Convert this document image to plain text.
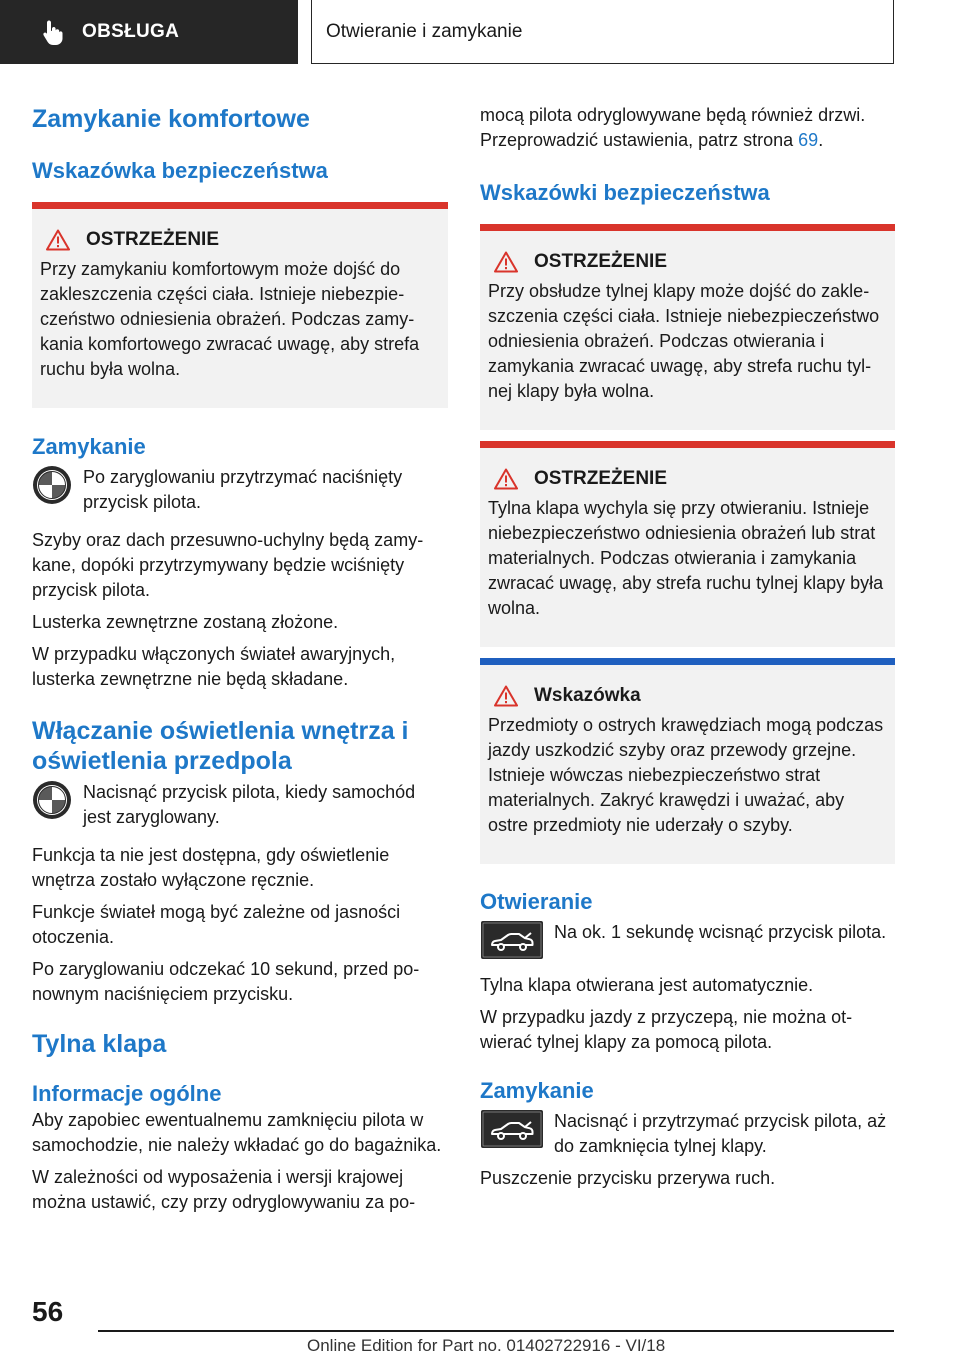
OBSŁUGA	Otwieranie i zamykanie
Zamykanie komfortowe
Wskazówka bezpieczeństwa
OSTRZEŻENIE

Przy zamykaniu komfortowym może dojść do zakleszczenia części ciała. Istnieje niebezpieczeństwo odniesienia obrażeń. Podczas zamykania komfortowego zwracać uwagę, aby strefa ruchu była wolna.

Zamykanie

Po zaryglowaniu przytrzymać naciśnięty przycisk pilota.

Szyby oraz dach przesuwno-uchylny będą zamykane, dopóki przytrzymywany będzie wciśnięty przycisk pilota.

Lusterka zewnętrzne zostaną złożone.

W przypadku włączonych świateł awaryjnych, lusterka zewnętrzne nie będą składane.

Włączanie oświetlenia wnętrza i oświetlenia przedpola

Nacisnąć przycisk pilota, kiedy samochód jest zaryglowany.

Funkcja ta nie jest dostępna, gdy oświetlenie wnętrza zostało wyłączone ręcznie.

Funkcje świateł mogą być zależne od jasności otoczenia.

Po zaryglowaniu odczekać 10 sekund, przed ponownym naciśnięciem przycisku.

Tylna klapa
Informacje ogólne

Aby zapobiec ewentualnemu zamknięciu pilota w samochodzie, nie należy wkładać go do bagażnika.

W zależności od wyposażenia i wersji krajowej można ustawić, czy przy odryglowywaniu za po-

mocą pilota odryglowywane będą również drzwi. Przeprowadzić ustawienia, patrz strona 69.

Wskazówki bezpieczeństwa
OSTRZEŻENIE

Przy obsłudze tylnej klapy może dojść do zakleszczenia części ciała. Istnieje niebezpieczeństwo odniesienia obrażeń. Podczas otwierania i zamykania zwracać uwagę, aby strefa ruchu tylnej klapy była wolna.

OSTRZEŻENIE

Tylna klapa wychyla się przy otwieraniu. Istnieje niebezpieczeństwo odniesienia obrażeń lub strat materialnych. Podczas otwierania i zamykania zwracać uwagę, aby strefa ruchu tylnej klapy była wolna.

Wskazówka

Przedmioty o ostrych krawędziach mogą podczas jazdy uszkodzić szyby oraz przewody grzejne. Istnieje wówczas niebezpieczeństwo strat materialnych. Zakryć krawędzi i uważać, aby ostre przedmioty nie uderzały o szyby.

Otwieranie

Na ok. 1 sekundę wcisnąć przycisk pilota.

Tylna klapa otwierana jest automatycznie.

W przypadku jazdy z przyczepą, nie można otwierać tylnej klapy za pomocą pilota.

Zamykanie

Nacisnąć i przytrzymać przycisk pilota, aż do zamknięcia tylnej klapy.

Puszczenie przycisku przerywa ruch.

56
Online Edition for Part no. 01402722916 - VI/18
